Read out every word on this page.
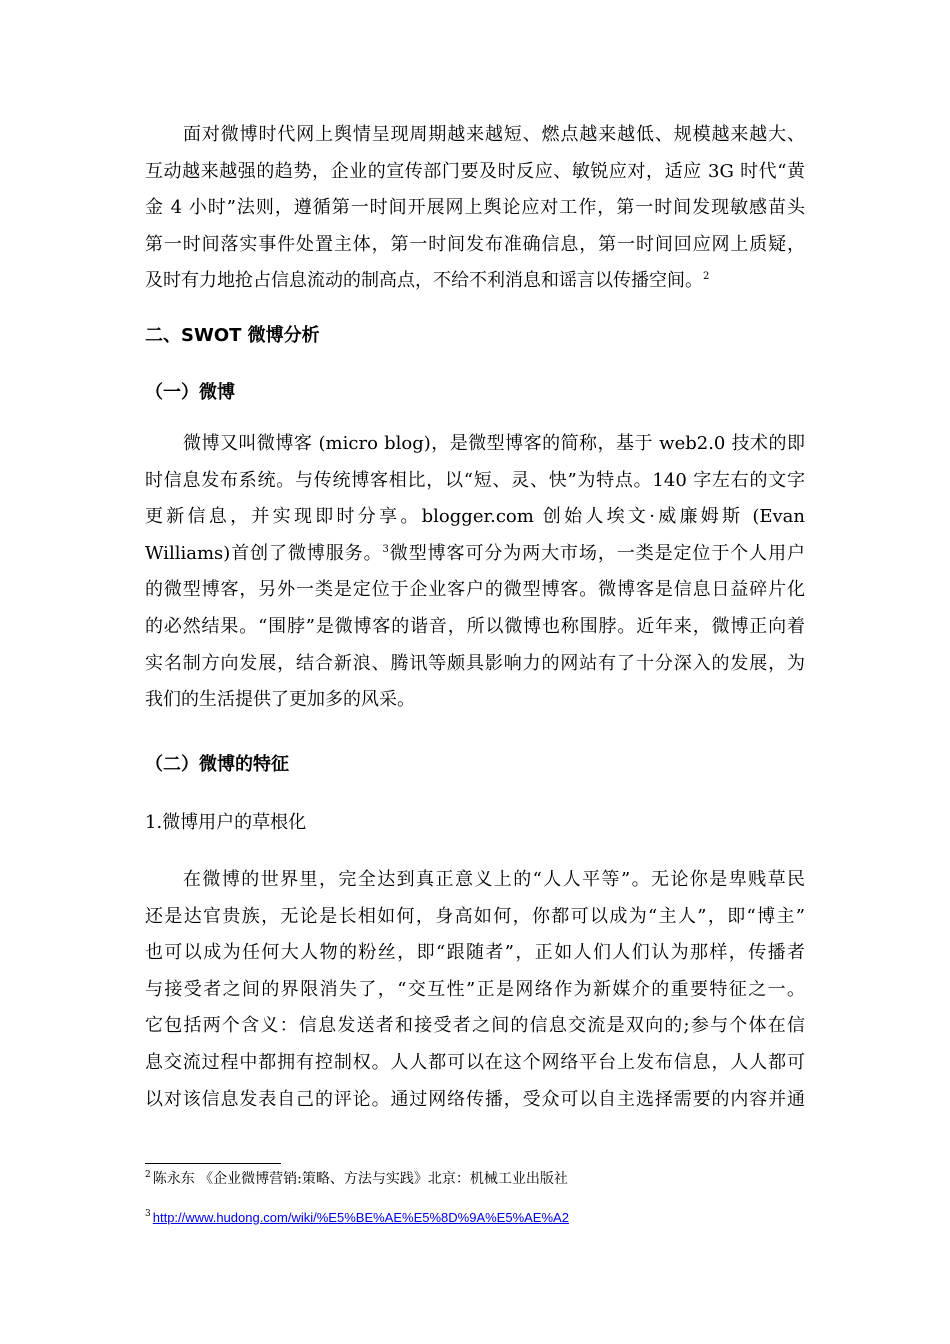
面对微博时代网上舆情呈现周期越来越短、燃点越来越低、规模越来越大、
互动越来越强的趋势，企业的宣传部门要及时反应、敏锐应对，适应 3G 时代“黄
金 4 小时”法则，遵循第一时间开展网上舆论应对工作，第一时间发现敏感苗头
第一时间落实事件处置主体，第一时间发布准确信息，第一时间回应网上质疑，
及时有力地抢占信息流动的制高点，不给不利消息和谣言以传播空间。$^2$
二、SWOT 微博分析
（一）微博
微博又叫微博客 (micro blog)，是微型博客的简称，基于 web2.0 技术的即
时信息发布系统。与传统博客相比，以“短、灵、快”为特点。140 字左右的文字
更新信息，并实现即时分享。blogger.com 创始人埃文·威廉姆斯 (Evan
Williams)首创了微博服务。$^3$微型博客可分为两大市场，一类是定位于个人用户
的微型博客，另外一类是定位于企业客户的微型博客。微博客是信息日益碎片化
的必然结果。“围脖”是微博客的谐音，所以微博也称围脖。近年来，微博正向着
实名制方向发展，结合新浪、腾讯等颇具影响力的网站有了十分深入的发展，为
我们的生活提供了更加多的风采。
（二）微博的特征
1.微博用户的草根化
在微博的世界里，完全达到真正意义上的“人人平等”。无论你是卑贱草民
还是达官贵族，无论是长相如何，身高如何，你都可以成为“主人”，即“博主”
也可以成为任何大人物的粉丝，即“跟随者”，正如人们人们认为那样，传播者
与接受者之间的界限消失了，“交互性”正是网络作为新媒介的重要特征之一。
它包括两个含义：信息发送者和接受者之间的信息交流是双向的;参与个体在信
息交流过程中都拥有控制权。人人都可以在这个网络平台上发布信息，人人都可
以对该信息发表自己的评论。通过网络传播，受众可以自主选择需要的内容并通
$^2$ 陈永东 《企业微博营销:策略、方法与实践》北京：机械工业出版社
$^3$ http://www.hudong.com/wiki/%E5%BE%AE%E5%8D%9A%E5%AE%A2
